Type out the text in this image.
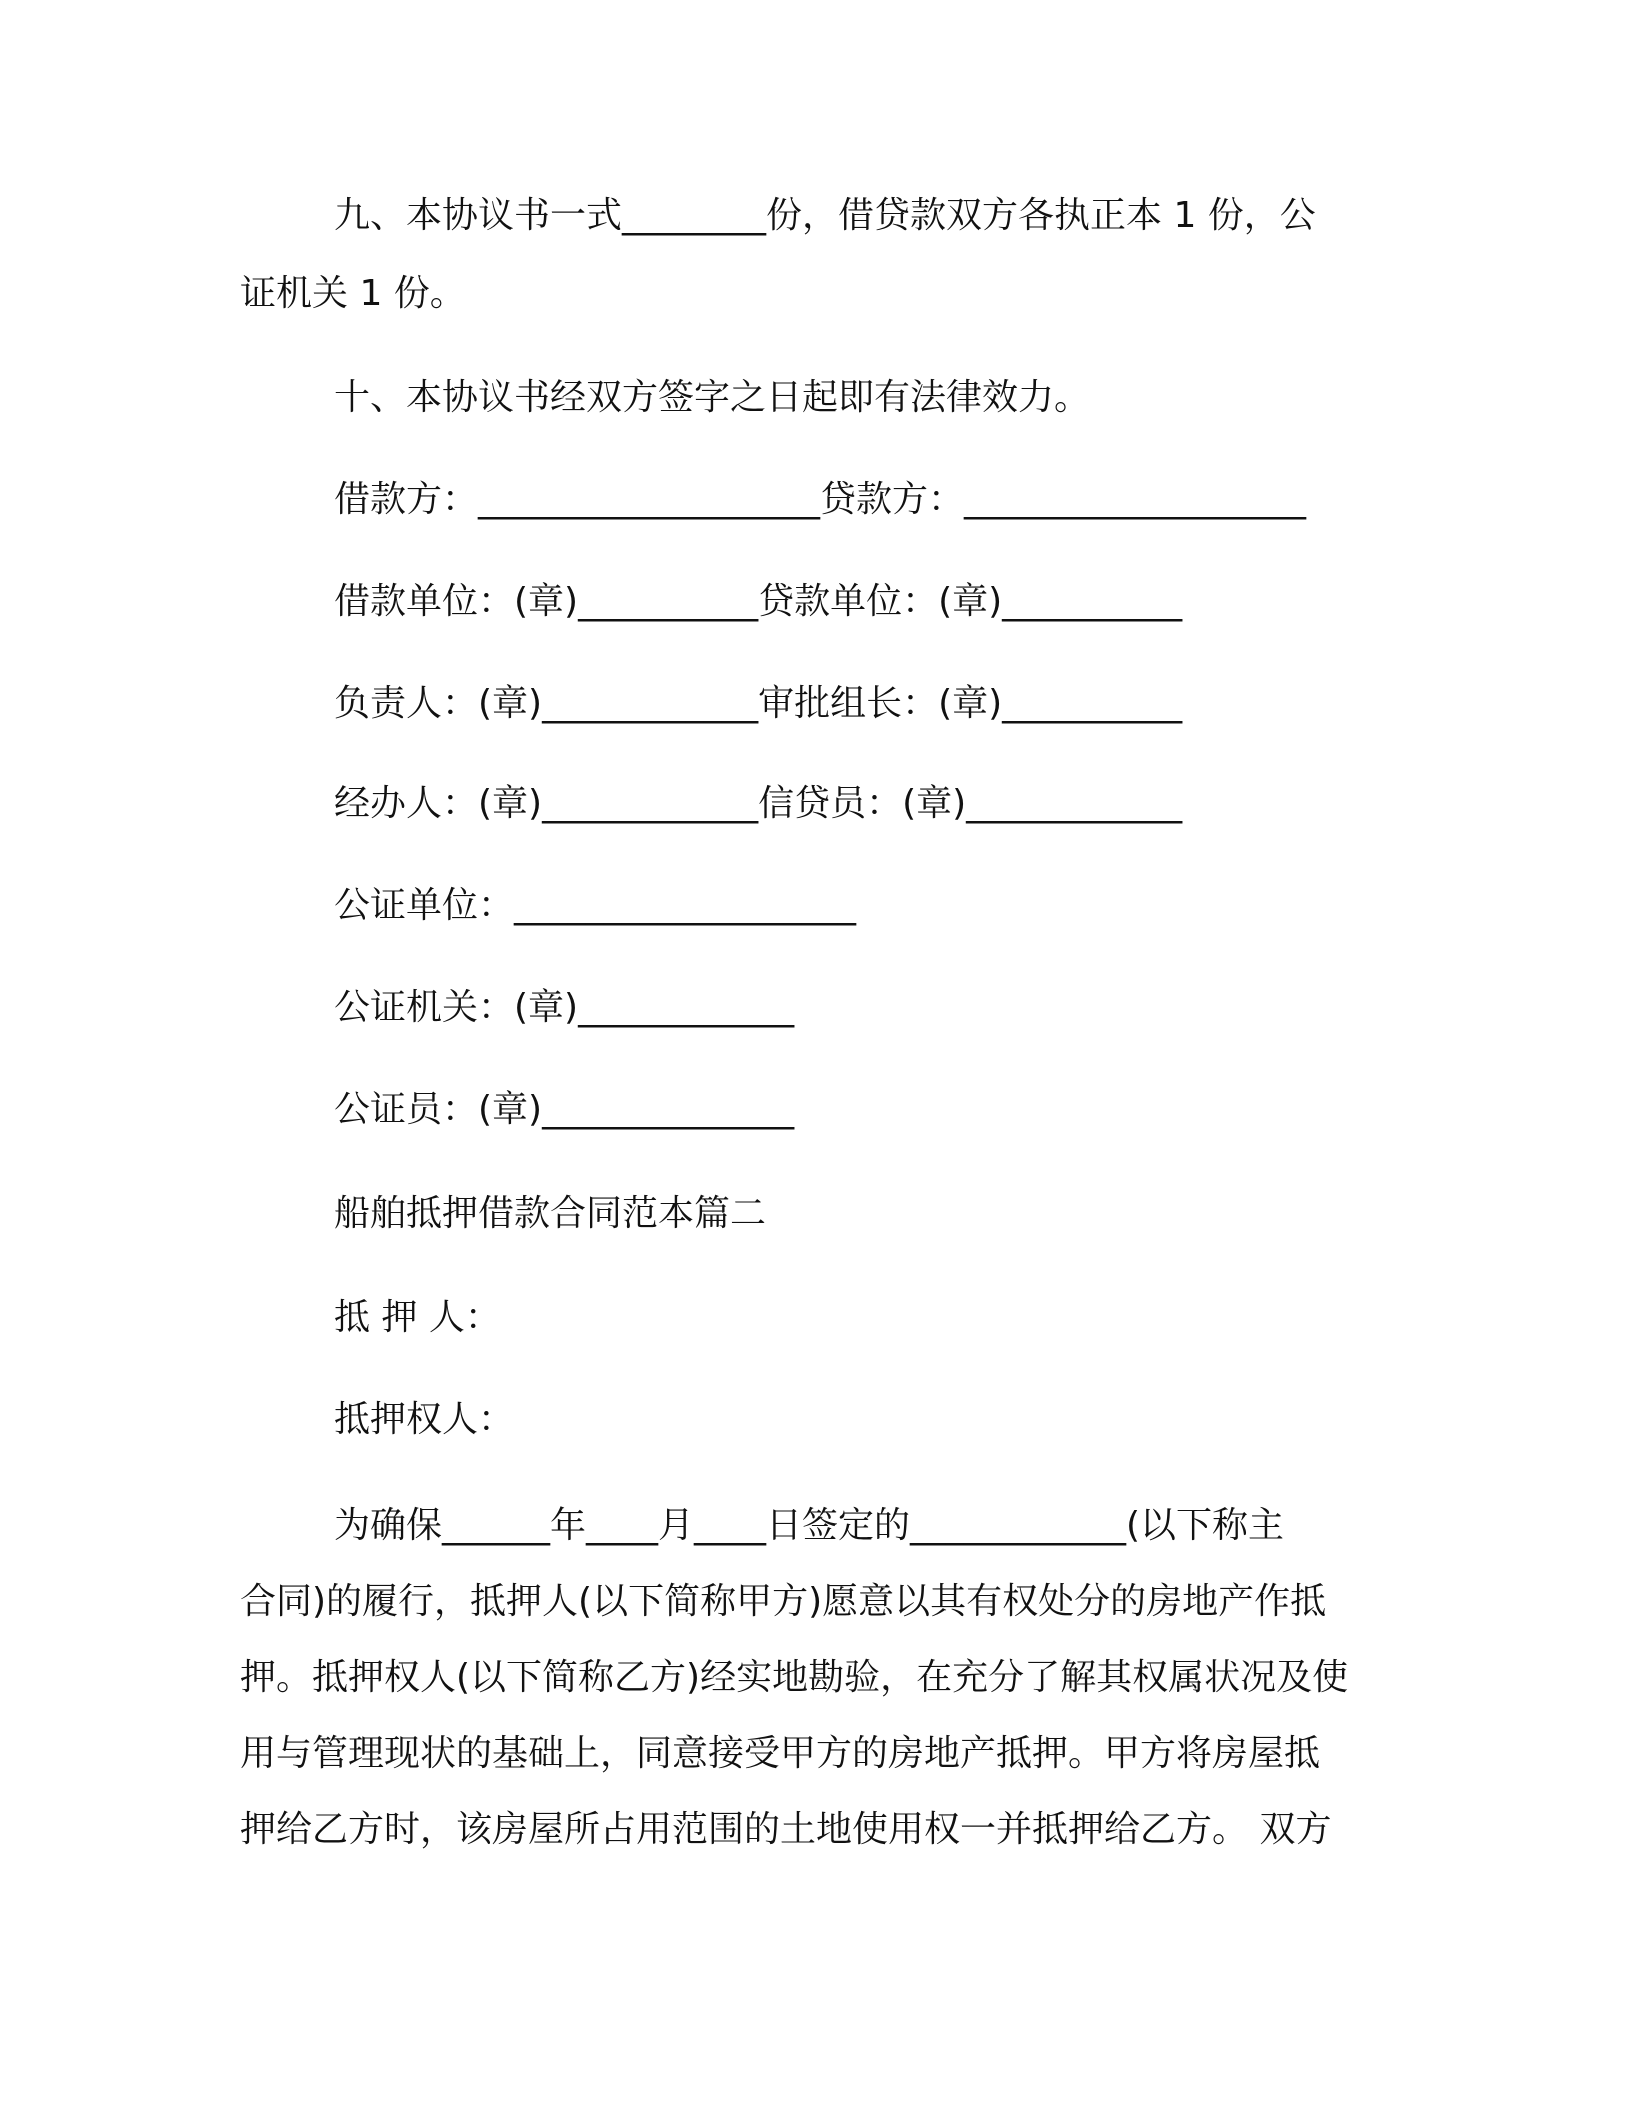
九、本协议书一式________份，借贷款双方各执正本 1 份，公
证机关 1 份。
十、本协议书经双方签字之日起即有法律效力。
借款方：___________________贷款方：___________________
借款单位：(章)__________贷款单位：(章)__________
负责人：(章)____________审批组长：(章)__________
经办人：(章)____________信贷员：(章)____________
公证单位：___________________
公证机关：(章)____________
公证员：(章)______________
船舶抵押借款合同范本篇二
抵 押 人：
抵押权人：
为确保______年____月____日签定的____________(以下称主
合同)的履行，抵押人(以下简称甲方)愿意以其有权处分的房地产作抵
押。抵押权人(以下简称乙方)经实地勘验，在充分了解其权属状况及使
用与管理现状的基础上，同意接受甲方的房地产抵押。甲方将房屋抵
押给乙方时，该房屋所占用范围的土地使用权一并抵押给乙方。 双方
